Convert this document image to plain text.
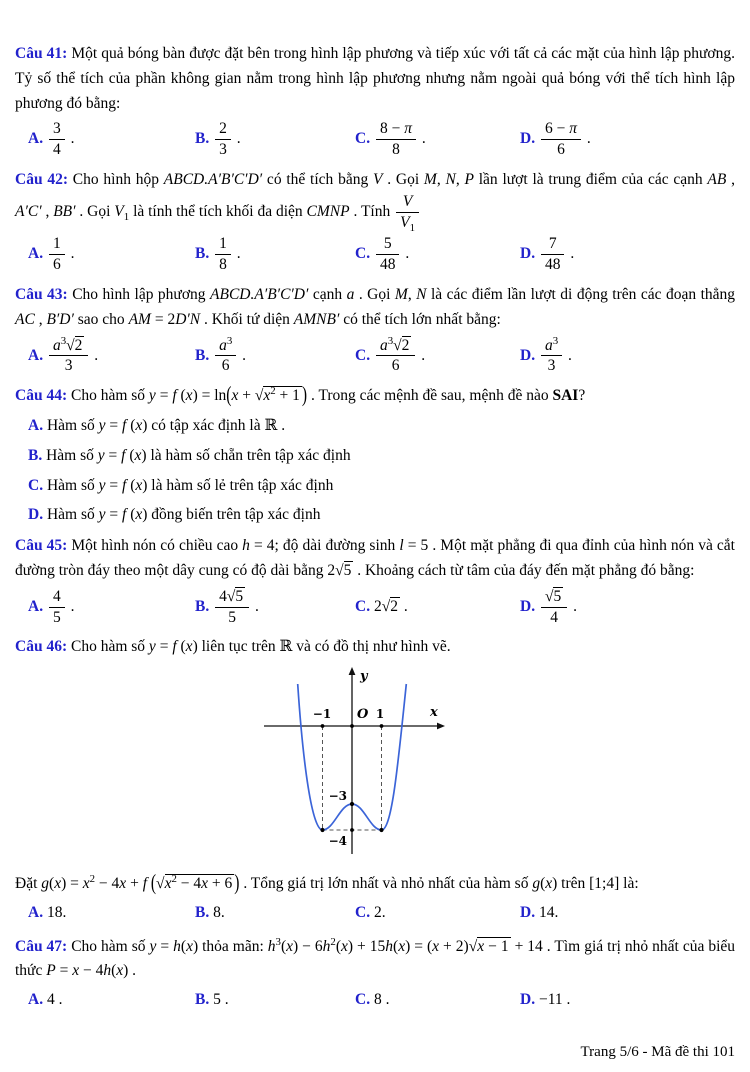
Câu 41: Một quả bóng bàn được đặt bên trong hình lập phương và tiếp xúc với tất cả các mặt của hình lập phương. Tỷ số thể tích của phần không gian nằm trong hình lập phương nhưng nằm ngoài quả bóng với thể tích hình lập phương đó bằng:

A. $\frac{3}{4}$ .	B. $\frac{2}{3}$ .	C. $\frac{8 - \pi}{8}$ .	D. $\frac{6 - \pi}{6}$ .

Câu 42: Cho hình hộp ABCD.A′B′C′D′ có thể tích bằng V . Gọi M, N, P lần lượt là trung điểm của các cạnh AB , A′C′ , BB′ . Gọi $V_1$ là tính thể tích khối đa diện CMNP . Tính $\frac{V}{V_1}$

A. $\frac{1}{6}$ .	B. $\frac{1}{8}$ .	C. $\frac{5}{48}$ .	D. $\frac{7}{48}$ .

Câu 43: Cho hình lập phương ABCD.A′B′C′D′ cạnh a . Gọi M, N là các điểm lần lượt di động trên các đoạn thẳng AC , B′D′ sao cho AM = 2D′N . Khối tứ diện AMNB′ có thể tích lớn nhất bằng:

A. $\frac{a^3 √ 2}{3}$ .	B. $\frac{a^3}{6}$ .	C. $\frac{a^3 √ 2}{6}$ .	D. $\frac{a^3}{3}$ .

Câu 44: Cho hàm số y = f (x) = ln(x + √ $x^2 + 1$ ) . Trong các mệnh đề sau, mệnh đề nào SAI?

A. Hàm số y = f (x) có tập xác định là ℝ .
B. Hàm số y = f (x) là hàm số chẵn trên tập xác định
C. Hàm số y = f (x) là hàm số lẻ trên tập xác định
D. Hàm số y = f (x) đồng biến trên tập xác định

Câu 45: Một hình nón có chiều cao h = 4; độ dài đường sinh l = 5 . Một mặt phẳng đi qua đỉnh của hình nón và cắt đường tròn đáy theo một dây cung có độ dài bằng 2 √ 5 . Khoảng cách từ tâm của đáy đến mặt phẳng đó bằng:

A. $\frac{4}{5}$ .	B. $\frac{4 √ 5}{5}$ .	C. 2 √ 2 .	D. √ $\frac{5}{4}$ .

Câu 46: Cho hàm số y = f (x) liên tục trên ℝ và có đồ thị như hình vẽ.

y
x
O
−1	1
−3
−4

Đặt $g(x) = x^2 - 4x + f$ ( √ $x^2 - 4x + 6$ ) . Tổng giá trị lớn nhất và nhỏ nhất của hàm số g(x) trên [1;4] là:

A. 18.	B. 8.	C. 2.	D. 14.

Câu 47: Cho hàm số y = h(x) thỏa mãn: $h^3(x) - 6h^2(x) + 15h(x) = (x + 2)$ √ x − 1 + 14 . Tìm giá trị nhỏ nhất của biểu thức P = x − 4h(x) .

A. 4 .	B. 5 .	C. 8 .	D. −11 .
Trang 5/6 - Mã đề thi 101
